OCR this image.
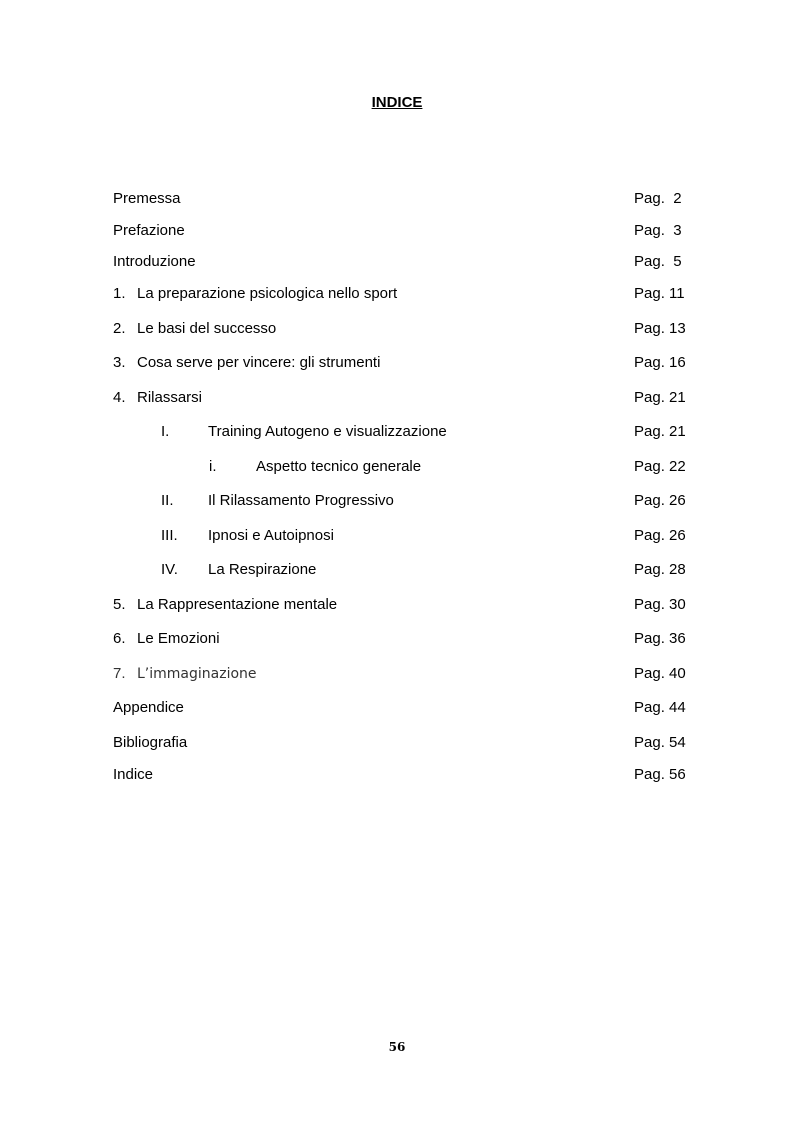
INDICE
Premessa	Pag. 2
Prefazione	Pag. 3
Introduzione	Pag. 5
1. La preparazione psicologica nello sport	Pag. 11
2. Le basi del successo	Pag. 13
3. Cosa serve per vincere: gli strumenti	Pag. 16
4. Rilassarsi	Pag. 21
I.	Training Autogeno e visualizzazione	Pag. 21
i.	Aspetto tecnico generale	Pag. 22
II. Il Rilassamento Progressivo	Pag. 26
III. Ipnosi e Autoipnosi	Pag. 26
IV. La Respirazione	Pag. 28
5. La Rappresentazione mentale	Pag. 30
6. Le Emozioni	Pag. 36
7. L’immaginazione	Pag. 40
Appendice	Pag. 44
Bibliografia	Pag. 54
Indice	Pag. 56

56
